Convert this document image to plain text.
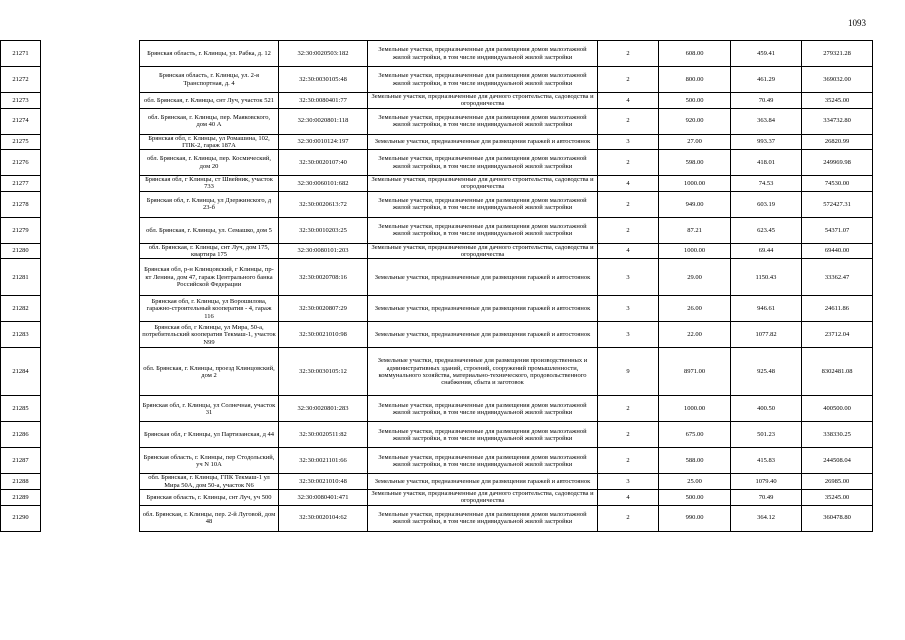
1093
21271		Брянская область, г. Клинцы, ул. Рабка, д. 12	32:30:0020503:182	Земельные участки, предназначенные для размещения домов малоэтажной жилой застройки, в том числе индивидуальной жилой застройки	2	608.00	459.41	279321.28
21272		Брянская область, г. Клинцы, ул. 2-я Транспортная, д. 4	32:30:0030105:48	Земельные участки, предназначенные для размещения домов малоэтажной жилой застройки, в том числе индивидуальной жилой застройки	2	800.00	461.29	369032.00
21273		обл. Брянская, г. Клинцы, снт Луч, участок 521	32:30:0080401:77	Земельные участки, предназначенные для дачного строительства, садоводства и огородничества	4	500.00	70.49	35245.00
21274		обл. Брянская, г. Клинцы, пер. Маяковского, дом 40 А	32:30:0020801:118	Земельные участки, предназначенные для размещения домов малоэтажной жилой застройки, в том числе индивидуальной жилой застройки	2	920.00	363.84	334732.80
21275		Брянская обл, г. Клинцы, ул Ромашина, 102, ГПК-2, гараж 187А	32:30:0010124:197	Земельные участки, предназначенные для размещения гаражей и автостоянок	3	27.00	993.37	26820.99
21276		обл. Брянская, г. Клинцы, пер. Космический, дом 20	32:30:0020107:40	Земельные участки, предназначенные для размещения домов малоэтажной жилой застройки, в том числе индивидуальной жилой застройки	2	598.00	418.01	249969.98
21277		Брянская обл, г Клинцы, ст Швейник, участок 733	32:30:0060101:682	Земельные участки, предназначенные для дачного строительства, садоводства и огородничества	4	1000.00	74.53	74530.00
21278		Брянская обл, г. Клинцы, ул Дзержинского, д 23-б	32:30:0020613:72	Земельные участки, предназначенные для размещения домов малоэтажной жилой застройки, в том числе индивидуальной жилой застройки	2	949.00	603.19	572427.31
21279		обл. Брянская, г. Клинцы, ул. Семашко, дом 5	32:30:0010203:25	Земельные участки, предназначенные для размещения домов малоэтажной жилой застройки, в том числе индивидуальной жилой застройки	2	87.21	623.45	54371.07
21280		обл. Брянская, г. Клинцы, снт Луч, дом 175, квартира 175	32:30:0080101:203	Земельные участки, предназначенные для дачного строительства, садоводства и огородничества	4	1000.00	69.44	69440.00
21281		Брянская обл, р-н Клинцовский, г Клинцы, пр-кт Ленина, дом 47, гараж Центрального банка Российской Федерации	32:30:0020708:16	Земельные участки, предназначенные для размещения гаражей и автостоянок	3	29.00	1150.43	33362.47
21282		Брянская обл, г. Клинцы, ул Ворошилова, гаражно-строительный кооператив - 4, гараж 116	32:30:0020807:29	Земельные участки, предназначенные для размещения гаражей и автостоянок	3	26.00	946.61	24611.86
21283		Брянская обл, г Клинцы, ул Мира, 50-а, потребительский кооператив Текмаш-1, участок N99	32:30:0021010:98	Земельные участки, предназначенные для размещения гаражей и автостоянок	3	22.00	1077.82	23712.04
21284		обл. Брянская, г. Клинцы, проезд Клинцовский, дом 2	32:30:0030105:12	Земельные участки, предназначенные для размещения производственных и административных зданий, строений, сооружений промышленности, коммунального хозяйства, материально-технического, продовольственного снабжения, сбыта и заготовок	9	8971.00	925.48	8302481.08
21285		Брянская обл, г. Клинцы, ул Солнечная, участок 31	32:30:0020801:283	Земельные участки, предназначенные для размещения домов малоэтажной жилой застройки, в том числе индивидуальной жилой застройки	2	1000.00	400.50	400500.00
21286		Брянская обл, г Клинцы, ул Партизанская, д 44	32:30:0020511:82	Земельные участки, предназначенные для размещения домов малоэтажной жилой застройки, в том числе индивидуальной жилой застройки	2	675.00	501.23	338330.25
21287		Брянская область, г. Клинцы, пер Стодольский, уч N 10А	32:30:0021101:66	Земельные участки, предназначенные для размещения домов малоэтажной жилой застройки, в том числе индивидуальной жилой застройки	2	588.00	415.83	244508.04
21288		обл. Брянская, г. Клинцы, ГПК Текмаш-1 ул Мира 50А, дом 50-а, участок N6	32:30:0021010:48	Земельные участки, предназначенные для размещения гаражей и автостоянок	3	25.00	1079.40	26985.00
21289		Брянская область, г. Клинцы, снт Луч, уч 500	32:30:0080401:471	Земельные участки, предназначенные для дачного строительства, садоводства и огородничества	4	500.00	70.49	35245.00
21290		обл. Брянская, г. Клинцы, пер. 2-й Луговой, дом 48	32:30:0020104:62	Земельные участки, предназначенные для размещения домов малоэтажной жилой застройки, в том числе индивидуальной жилой застройки	2	990.00	364.12	360478.80
